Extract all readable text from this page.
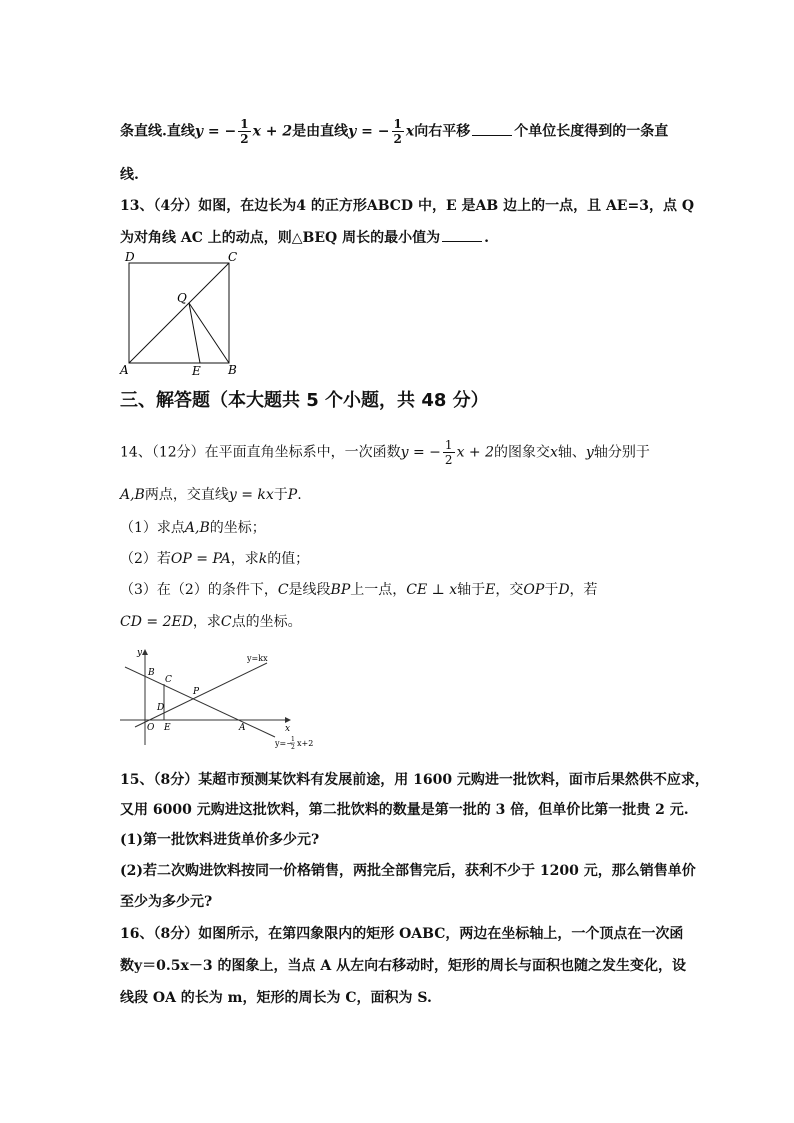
条直线.直线y = − $\frac{1}{2}$ x + 2是由直线y = − $\frac{1}{2}$ x向右平移	个单位长度得到的一条直
线.
13、（4分）如图，在边长为4 的正方形ABCD 中，E 是AB 边上的一点，且 AE=3，点 Q
为对角线 AC 上的动点，则△BEQ 周长的最小值为	.
D	C
Q
A	E B
三、解答题（本大题共 5 个小题，共 48 分）
14、（12分）在平面直角坐标系中，一次函数y = − $\frac{1}{2}$ x + 2的图象交x轴、y轴分别于
A,B两点，交直线y = kx于P.
（1）求点A,B的坐标；
（2）若OP = PA，求k的值；
（3）在（2）的条件下，C是线段BP上一点，CE ⊥ x轴于E，交OP于D，若
CD = 2ED，求C点的坐标。
y
x
B
C
P
D
O E	A
y=kx
y=−
1
2 x+2
15、（8分）某超市预测某饮料有发展前途，用 1600 元购进一批饮料，面市后果然供不应求，
又用 6000 元购进这批饮料，第二批饮料的数量是第一批的 3 倍，但单价比第一批贵 2 元.
(1)第一批饮料进货单价多少元?
(2)若二次购进饮料按同一价格销售，两批全部售完后，获利不少于 1200 元，那么销售单价
至少为多少元?
16、（8分）如图所示，在第四象限内的矩形 OABC，两边在坐标轴上，一个顶点在一次函
数y＝0.5x－3 的图象上，当点 A 从左向右移动时，矩形的周长与面积也随之发生变化，设
线段 OA 的长为 m，矩形的周长为 C，面积为 S.
